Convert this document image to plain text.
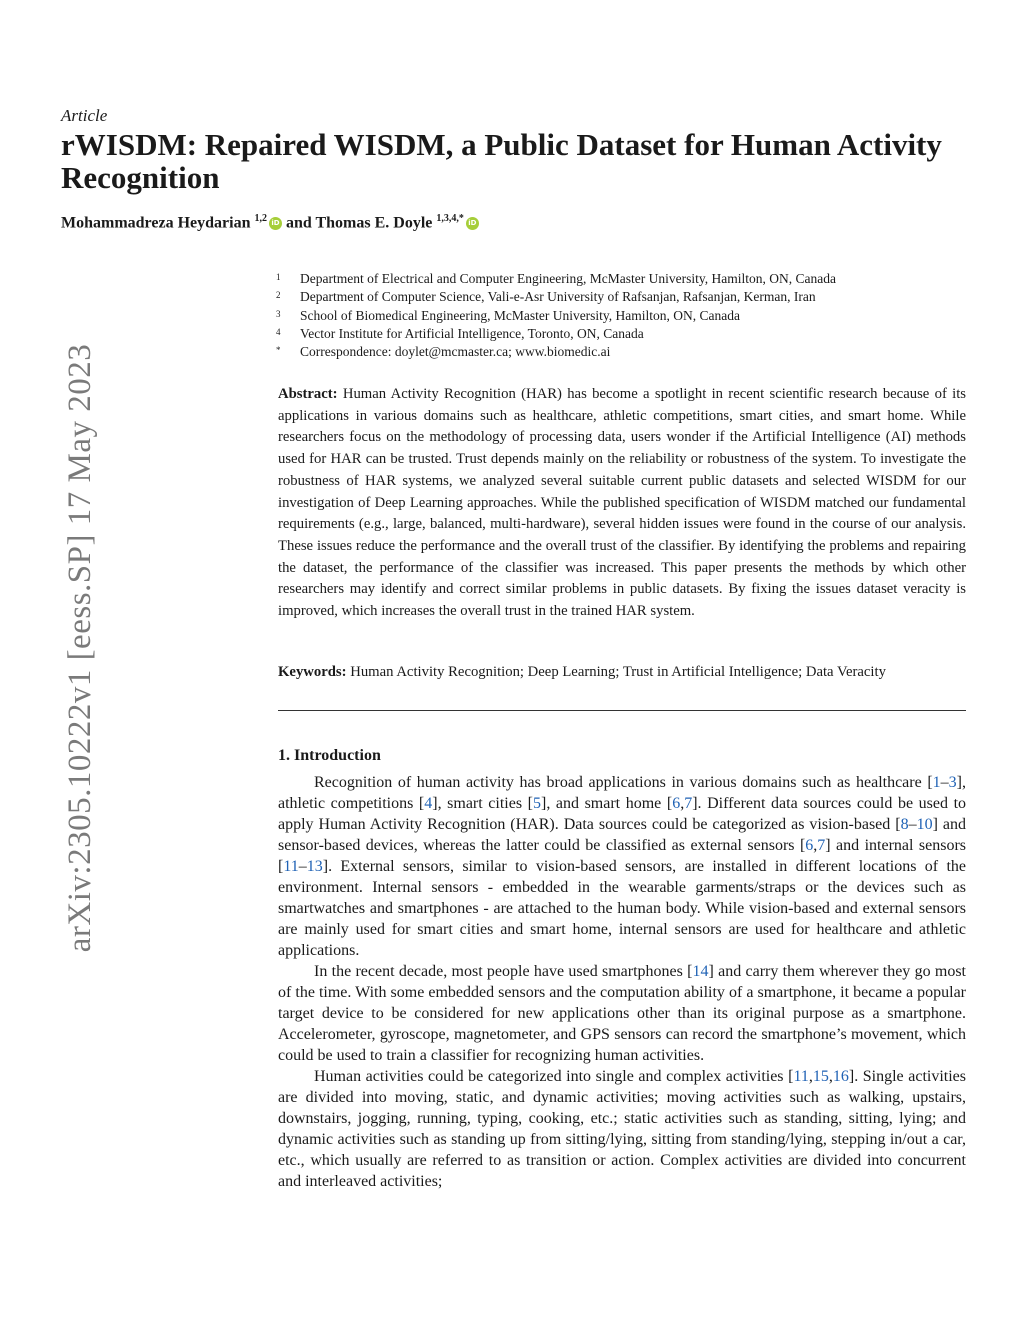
arXiv:2305.10222v1 [eess.SP] 17 May 2023
Article
rWISDM: Repaired WISDM, a Public Dataset for Human Activity Recognition
Mohammadreza Heydarian $^{1,2}$ iD and Thomas E. Doyle $^{1,3,4,*}$ iD
1	Department of Electrical and Computer Engineering, McMaster University, Hamilton, ON, Canada
2	Department of Computer Science, Vali-e-Asr University of Rafsanjan, Rafsanjan, Kerman, Iran
3	School of Biomedical Engineering, McMaster University, Hamilton, ON, Canada
4	Vector Institute for Artificial Intelligence, Toronto, ON, Canada
*	Correspondence: doylet@mcmaster.ca; www.biomedic.ai

Abstract: Human Activity Recognition (HAR) has become a spotlight in recent scientific research because of its applications in various domains such as healthcare, athletic competitions, smart cities, and smart home. While researchers focus on the methodology of processing data, users wonder if the Artificial Intelligence (AI) methods used for HAR can be trusted. Trust depends mainly on the reliability or robustness of the system. To investigate the robustness of HAR systems, we analyzed several suitable current public datasets and selected WISDM for our investigation of Deep Learning approaches. While the published specification of WISDM matched our fundamental requirements (e.g., large, balanced, multi-hardware), several hidden issues were found in the course of our analysis. These issues reduce the performance and the overall trust of the classifier. By identifying the problems and repairing the dataset, the performance of the classifier was increased. This paper presents the methods by which other researchers may identify and correct similar problems in public datasets. By fixing the issues dataset veracity is improved, which increases the overall trust in the trained HAR system.

Keywords: Human Activity Recognition; Deep Learning; Trust in Artificial Intelligence; Data Veracity
1. Introduction

Recognition of human activity has broad applications in various domains such as healthcare [1–3], athletic competitions [4], smart cities [5], and smart home [6,7]. Different data sources could be used to apply Human Activity Recognition (HAR). Data sources could be categorized as vision-based [8–10] and sensor-based devices, whereas the latter could be classified as external sensors [6,7] and internal sensors [11–13]. External sensors, similar to vision-based sensors, are installed in different locations of the environment. Internal sensors - embedded in the wearable garments/straps or the devices such as smartwatches and smartphones - are attached to the human body. While vision-based and external sensors are mainly used for smart cities and smart home, internal sensors are used for healthcare and athletic applications.

In the recent decade, most people have used smartphones [14] and carry them wherever they go most of the time. With some embedded sensors and the computation ability of a smartphone, it became a popular target device to be considered for new applications other than its original purpose as a smartphone. Accelerometer, gyroscope, magnetometer, and GPS sensors can record the smartphone’s movement, which could be used to train a classifier for recognizing human activities.

Human activities could be categorized into single and complex activities [11,15,16]. Single activities are divided into moving, static, and dynamic activities; moving activities such as walking, upstairs, downstairs, jogging, running, typing, cooking, etc.; static activities such as standing, sitting, lying; and dynamic activities such as standing up from sitting/lying, sitting from standing/lying, stepping in/out a car, etc., which usually are referred to as transition or action. Complex activities are divided into concurrent and interleaved activities;
